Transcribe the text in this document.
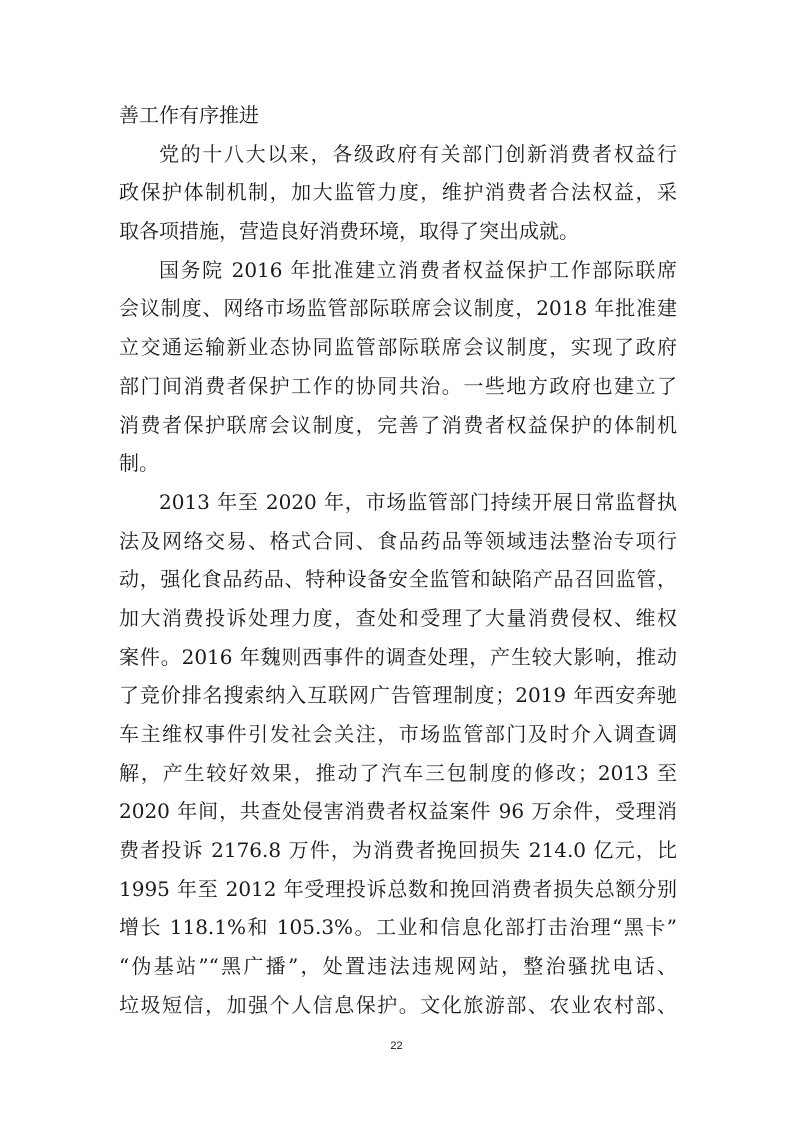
善工作有序推进
党的十八大以来，各级政府有关部门创新消费者权益行
政保护体制机制，加大监管力度，维护消费者合法权益，采
取各项措施，营造良好消费环境，取得了突出成就。
国务院 2016 年批准建立消费者权益保护工作部际联席
会议制度、网络市场监管部际联席会议制度，2018 年批准建
立交通运输新业态协同监管部际联席会议制度，实现了政府
部门间消费者保护工作的协同共治。一些地方政府也建立了
消费者保护联席会议制度，完善了消费者权益保护的体制机
制。
2013 年至 2020 年，市场监管部门持续开展日常监督执
法及网络交易、格式合同、食品药品等领域违法整治专项行
动，强化食品药品、特种设备安全监管和缺陷产品召回监管，
加大消费投诉处理力度，查处和受理了大量消费侵权、维权
案件。2016 年魏则西事件的调查处理，产生较大影响，推动
了竞价排名搜索纳入互联网广告管理制度；2019 年西安奔驰
车主维权事件引发社会关注，市场监管部门及时介入调查调
解，产生较好效果，推动了汽车三包制度的修改；2013 至
2020 年间，共查处侵害消费者权益案件 96 万余件，受理消
费者投诉 2176.8 万件，为消费者挽回损失 214.0 亿元，比
1995 年至 2012 年受理投诉总数和挽回消费者损失总额分别
增长 118.1%和 105.3%。工业和信息化部打击治理“黑卡”
“伪基站”“黑广播”，处置违法违规网站，整治骚扰电话、
垃圾短信，加强个人信息保护。文化旅游部、农业农村部、
22
